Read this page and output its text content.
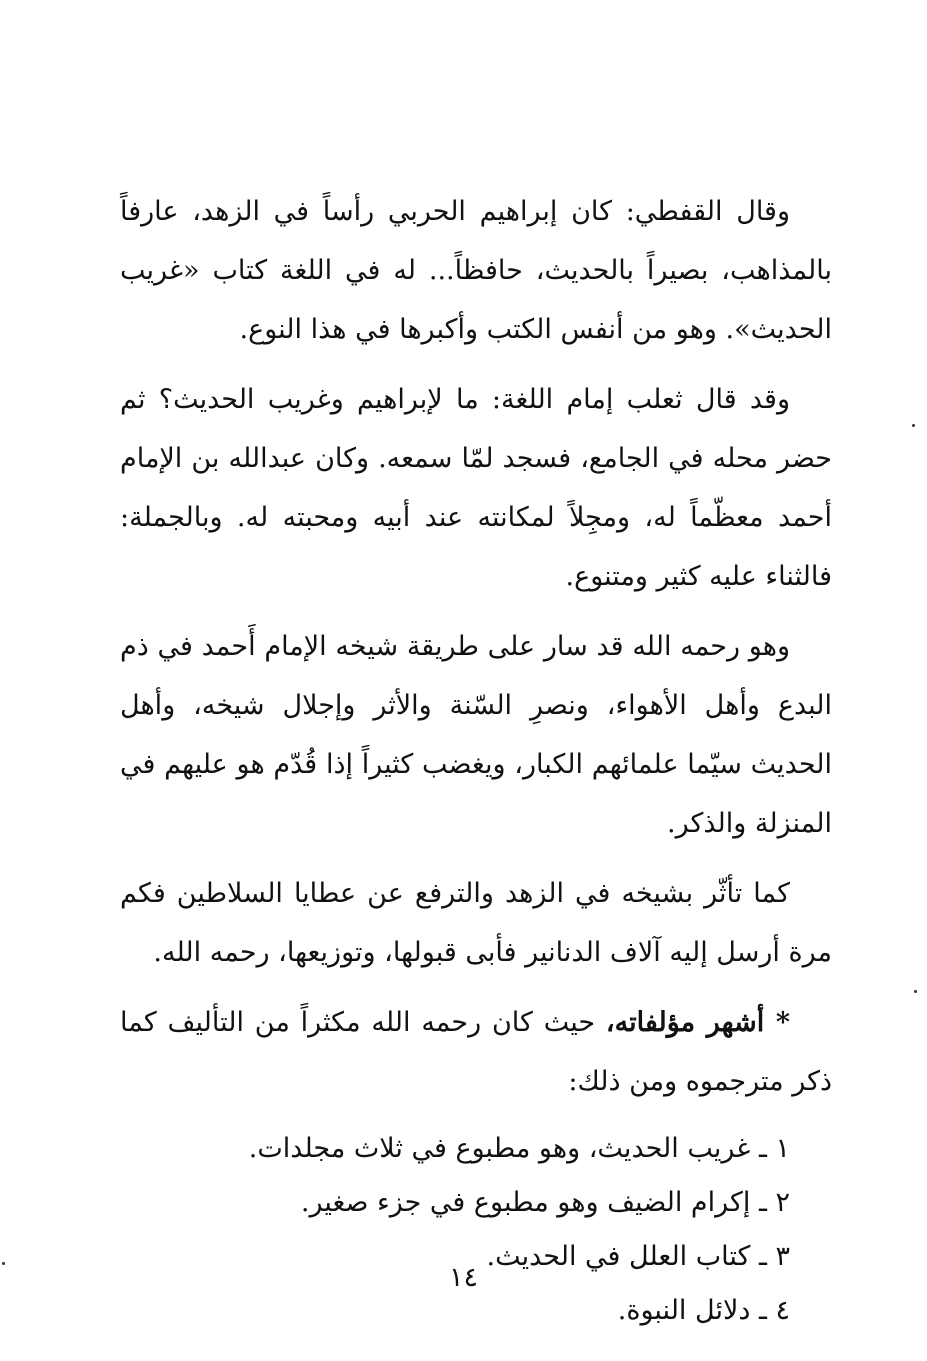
وقال القفطي: كان إبراهيم الحربي رأساً في الزهد، عارفاً بالمذاهب، بصيراً بالحديث، حافظاً... له في اللغة كتاب «غريب الحديث». وهو من أنفس الكتب وأكبرها في هذا النوع.

وقد قال ثعلب إمام اللغة: ما لإبراهيم وغريب الحديث؟ ثم حضر محله في الجامع، فسجد لمّا سمعه. وكان عبدالله بن الإمام أحمد معظّماً له، ومجِلاً لمكانته عند أبيه ومحبته له. وبالجملة: فالثناء عليه كثير ومتنوع.

وهو رحمه الله قد سار على طريقة شيخه الإمام أَحمد في ذم البدع وأهل الأهواء، ونصرِ السّنة والأثر وإجلال شيخه، وأهل الحديث سيّما علمائهم الكبار، ويغضب كثيراً إذا قُدّم هو عليهم في المنزلة والذكر.

كما تأثّر بشيخه في الزهد والترفع عن عطايا السلاطين فكم مرة أرسل إليه آلاف الدنانير فأبى قبولها، وتوزيعها، رحمه الله.

* أشهر مؤلفاته، حيث كان رحمه الله مكثراً من التأليف كما ذكر مترجموه ومن ذلك:

١ ـ غريب الحديث، وهو مطبوع في ثلاث مجلدات.
٢ ـ إكرام الضيف وهو مطبوع في جزء صغير.
٣ ـ كتاب العلل في الحديث.
٤ ـ دلائل النبوة.
١٤
